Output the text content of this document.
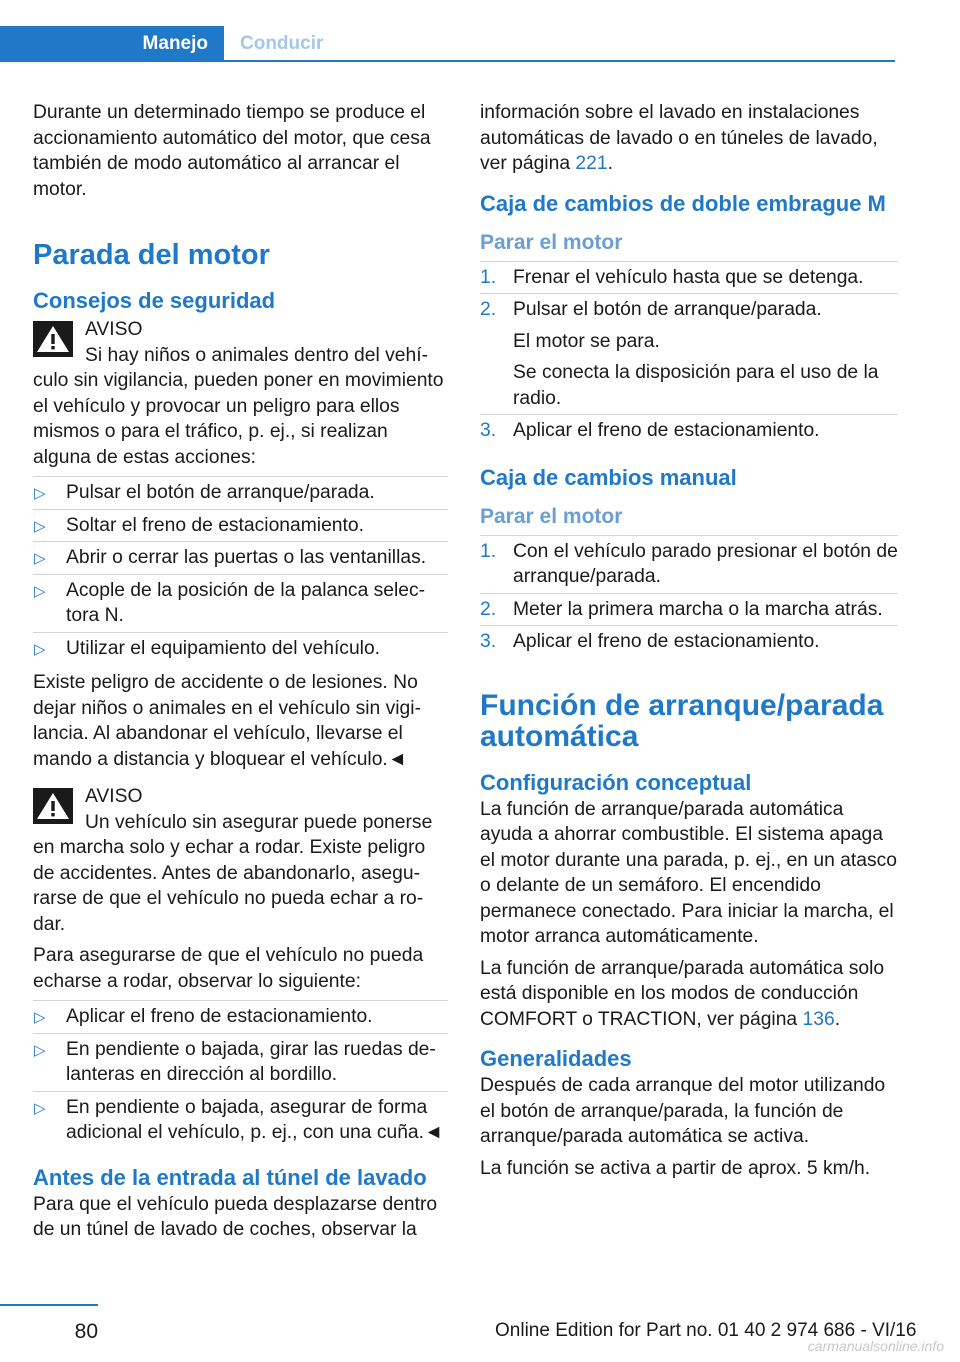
Manejo	Conducir

Durante un determinado tiempo se produce el accionamiento automático del motor, que cesa también de modo automático al arrancar el motor.

Parada del motor
Consejos de seguridad
AVISO
Si hay niños o animales dentro del vehículo sin vigilancia, pueden poner en movimiento el vehículo y provocar un peligro para ellos mismos o para el tráfico, p. ej., si realizan alguna de estas acciones:
▷ Pulsar el botón de arranque/parada.
▷ Soltar el freno de estacionamiento.
▷ Abrir o cerrar las puertas o las ventanillas.
▷ Acople de la posición de la palanca selectora N.
▷ Utilizar el equipamiento del vehículo.

Existe peligro de accidente o de lesiones. No dejar niños o animales en el vehículo sin vigilancia. Al abandonar el vehículo, llevarse el mando a distancia y bloquear el vehículo.◄

AVISO
Un vehículo sin asegurar puede ponerse en marcha solo y echar a rodar. Existe peligro de accidentes. Antes de abandonarlo, asegurarse de que el vehículo no pueda echar a rodar.

Para asegurarse de que el vehículo no pueda echarse a rodar, observar lo siguiente:

▷ Aplicar el freno de estacionamiento.
▷ En pendiente o bajada, girar las ruedas delanteras en dirección al bordillo.
▷ En pendiente o bajada, asegurar de forma adicional el vehículo, p. ej., con una cuña.◄
Antes de la entrada al túnel de lavado

Para que el vehículo pueda desplazarse dentro de un túnel de lavado de coches, observar la

información sobre el lavado en instalaciones automáticas de lavado o en túneles de lavado, ver página 221.

Caja de cambios de doble embrague M
Parar el motor
1. Frenar el vehículo hasta que se detenga.
2. Pulsar el botón de arranque/parada.
El motor se para.
Se conecta la disposición para el uso de la radio.
3. Aplicar el freno de estacionamiento.
Caja de cambios manual
Parar el motor
1. Con el vehículo parado presionar el botón de arranque/parada.
2. Meter la primera marcha o la marcha atrás.
3. Aplicar el freno de estacionamiento.
Función de arranque/parada automática
Configuración conceptual

La función de arranque/parada automática ayuda a ahorrar combustible. El sistema apaga el motor durante una parada, p. ej., en un atasco o delante de un semáforo. El encendido permanece conectado. Para iniciar la marcha, el motor arranca automáticamente.

La función de arranque/parada automática solo está disponible en los modos de conducción COMFORT o TRACTION, ver página 136.

Generalidades

Después de cada arranque del motor utilizando el botón de arranque/parada, la función de arranque/parada automática se activa.

La función se activa a partir de aprox. 5 km/h.

80	Online Edition for Part no. 01 40 2 974 686 - VI/16
carmanualsonline.info
